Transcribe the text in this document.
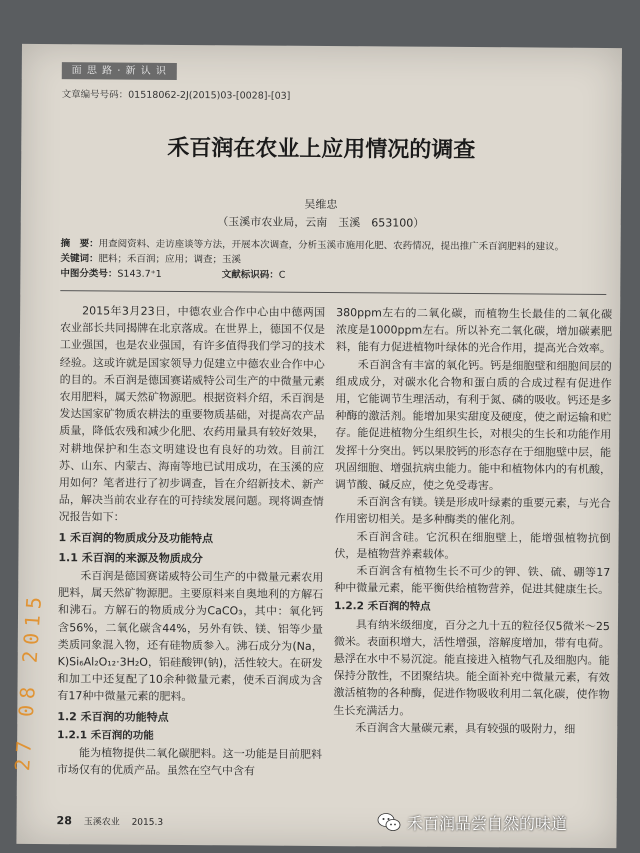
面 思 路 · 新 认 识
文章编号号码：01518062-2J(2015)03-[0028]-[03]
禾百润在农业上应用情况的调查
吴维忠
（玉溪市农业局，云南　玉溪　653100）
摘　要：用查阅资料、走访座谈等方法，开展本次调查，分析玉溪市施用化肥、农药情况，提出推广禾百润肥料的建议。
关键词：肥料；禾百润；应用；调查；玉溪
中图分类号：S143.7⁺1	文献标识码：C

2015年3月23日，中德农业合作中心由中德两国农业部长共同揭牌在北京落成。在世界上，德国不仅是工业强国，也是农业强国，有许多值得我们学习的技术经验。这或许就是国家领导力促建立中德农业合作中心的目的。禾百润是德国赛诺威特公司生产的中微量元素农用肥料，属天然矿物源肥。根据资料介绍，禾百润是发达国家矿物质农耕法的重要物质基础，对提高农产品质量，降低农残和减少化肥、农药用量具有较好效果，对耕地保护和生态文明建设也有良好的功效。目前江苏、山东、内蒙古、海南等地已试用成功，在玉溪的应用如何？笔者进行了初步调查，旨在介绍新技术、新产品，解决当前农业存在的可持续发展问题。现将调查情况报告如下：

1 禾百润的物质成分及功能特点
1.1 禾百润的来源及物质成分

禾百润是德国赛诺威特公司生产的中微量元素农用肥料，属天然矿物源肥。主要原料来自奥地利的方解石和沸石。方解石的物质成分为CaCO₃，其中：氧化钙含56%，二氧化碳含44%，另外有铁、镁、铝等少量类质同象混入物，还有硅物质参入。沸石成分为(Na，K)Si₆Al₂O₁₂·3H₂O，铝硅酸钾(钠)，活性较大。在研发和加工中还复配了10余种微量元素，使禾百润成为含有17种中微量元素的肥料。

1.2 禾百润的功能特点
1.2.1 禾百润的功能

能为植物提供二氧化碳肥料。这一功能是目前肥料市场仅有的优质产品。虽然在空气中含有

380ppm左右的二氧化碳，而植物生长最佳的二氧化碳浓度是1000ppm左右。所以补充二氧化碳，增加碳素肥料，能有力促进植物叶绿体的光合作用，提高光合效率。

禾百润含有丰富的氧化钙。钙是细胞壁和细胞间层的组成成分，对碳水化合物和蛋白质的合成过程有促进作用，它能调节生理活动，有利于氮、磷的吸收。钙还是多种酶的激活剂。能增加果实甜度及硬度，使之耐运输和贮存。能促进植物分生组织生长，对根尖的生长和功能作用发挥十分突出。钙以果胶钙的形态存在于细胞壁中层，能巩固细胞、增强抗病虫能力。能中和植物体内的有机酸，调节酸、碱反应，使之免受毒害。

禾百润含有镁。镁是形成叶绿素的重要元素，与光合作用密切相关。是多种酶类的催化剂。

禾百润含硅。它沉积在细胞壁上，能增强植物抗倒伏，是植物营养素载体。

禾百润含有植物生长不可少的钾、铁、硫、硼等17种中微量元素，能平衡供给植物营养，促进其健康生长。

1.2.2 禾百润的特点

具有纳米级细度，百分之九十五的粒径仅5微米～25微米。表面积增大，活性增强，溶解度增加，带有电荷。悬浮在水中不易沉淀。能直接进入植物气孔及细胞内。能保持分散性，不团聚结块。能全面补充中微量元素，有效激活植物的各种酶，促进作物吸收利用二氧化碳，使作物生长充满活力。

禾百润含大量碳元素，具有较强的吸附力，细

28 玉溪农业 2015.3
27 08 2015
禾百润品尝自然的味道
